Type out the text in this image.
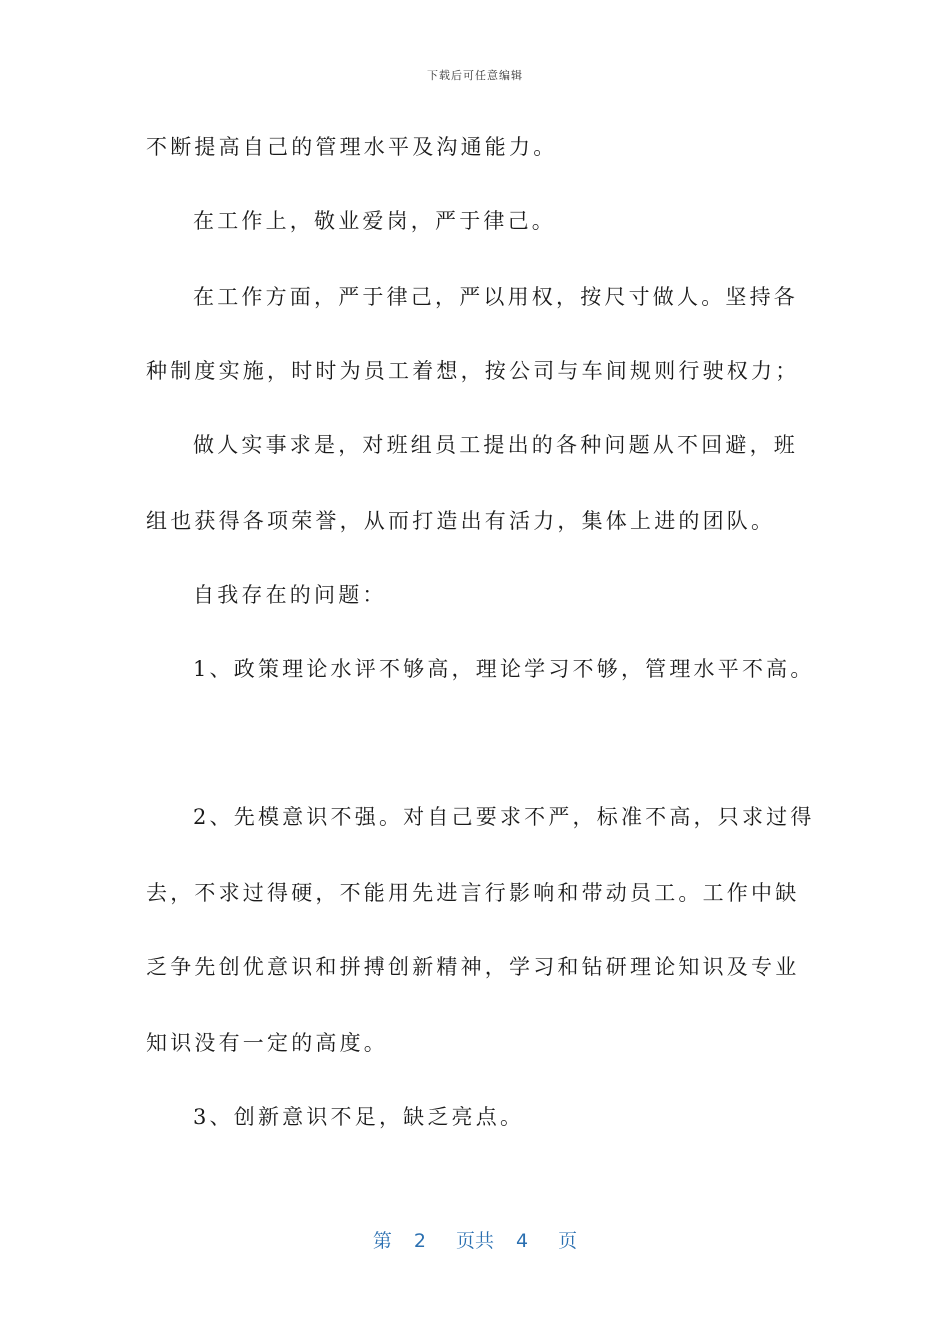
下载后可任意编辑
不断提高自己的管理水平及沟通能力。
在工作上，敬业爱岗，严于律己。
在工作方面，严于律己，严以用权，按尺寸做人。坚持各
种制度实施，时时为员工着想，按公司与车间规则行驶权力；
做人实事求是，对班组员工提出的各种问题从不回避，班
组也获得各项荣誉，从而打造出有活力，集体上进的团队。
自我存在的问题：
1、政策理论水评不够高，理论学习不够，管理水平不高。
2、先模意识不强。对自己要求不严，标准不高，只求过得
去，不求过得硬，不能用先进言行影响和带动员工。工作中缺
乏争先创优意识和拼搏创新精神，学习和钻研理论知识及专业
知识没有一定的高度。
3、创新意识不足，缺乏亮点。
第 2 页共 4 页
